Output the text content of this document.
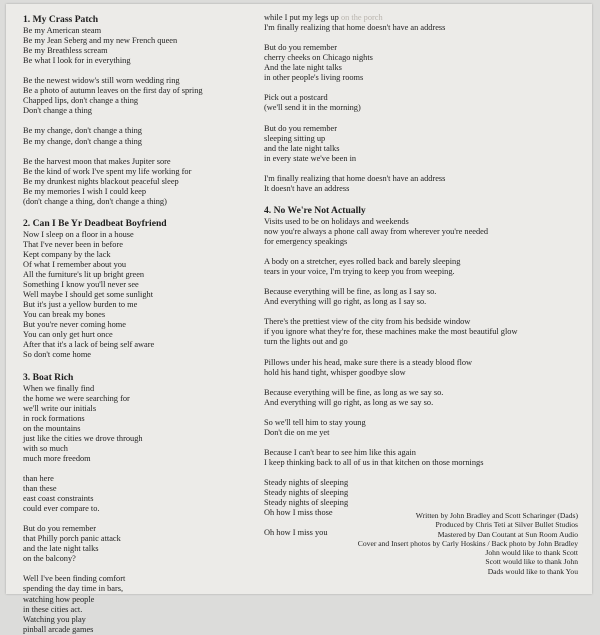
1. My Crass Patch
Be my American steam
Be my Jean Seberg and my new French queen
Be my Breathless scream
Be what I look for in everything
Be the newest widow's still worn wedding ring
Be a photo of autumn leaves on the first day of spring
Chapped lips, don't change a thing
Don't change a thing
Be my change, don't change a thing
Be my change, don't change a thing
Be the harvest moon that makes Jupiter sore
Be the kind of work I've spent my life working for
Be my drunkest nights blackout peaceful sleep
Be my memories I wish I could keep
(don't change a thing, don't change a thing)
2. Can I Be Yr Deadbeat Boyfriend
Now I sleep on a floor in a house
That I've never been in before
Kept company by the lack
Of what I remember about you
All the furniture's lit up bright green
Something I know you'll never see
Well maybe I should get some sunlight
But it's just a yellow burden to me
You can break my bones
But you're never coming home
You can only get hurt once
After that it's a lack of being self aware
So don't come home
3. Boat Rich
When we finally find
the home we were searching for
we'll write our initials
in rock formations
on the mountains
just like the cities we drove through
with so much
much more freedom
than here
than these
east coast constraints
could ever compare to.
But do you remember
that Philly porch panic attack
and the late night talks
on the balcony?
Well I've been finding comfort
spending the day time in bars,
watching how people
in these cities act.
Watching you play
pinball arcade games
while I put my legs up on the porch
I'm finally realizing that home doesn't have an address
But do you remember
cherry cheeks on Chicago nights
And the late night talks
in other people's living rooms
Pick out a postcard
(we'll send it in the morning)
But do you remember
sleeping sitting up
and the late night talks
in every state we've been in
I'm finally realizing that home doesn't have an address
It doesn't have an address
4. No We're Not Actually
Visits used to be on holidays and weekends
now you're always a phone call away from wherever you're needed
for emergency speakings
A body on a stretcher, eyes rolled back and barely sleeping
tears in your voice, I'm trying to keep you from weeping.
Because everything will be fine, as long as I say so.
And everything will go right, as long as I say so.
There's the prettiest view of the city from his bedside window
if you ignore what they're for, these machines make the most beautiful glow
turn the lights out and go
Pillows under his head, make sure there is a steady blood flow
hold his hand tight, whisper goodbye slow
Because everything will be fine, as long as we say so.
And everything will go right, as long as we say so.
So we'll tell him to stay young
Don't die on me yet
Because I can't bear to see him like this again
I keep thinking back to all of us in that kitchen on those mornings
Steady nights of sleeping
Steady nights of sleeping
Steady nights of sleeping
Oh how I miss those
Oh how I miss you
Written by John Bradley and Scott Scharinger (Dads)
Produced by Chris Teti at Silver Bullet Studios
Mastered by Dan Coutant at Sun Room Audio
Cover and Insert photos by Carly Hoskins / Back photo by John Bradley
John would like to thank Scott
Scott would like to thank John
Dads would like to thank You
